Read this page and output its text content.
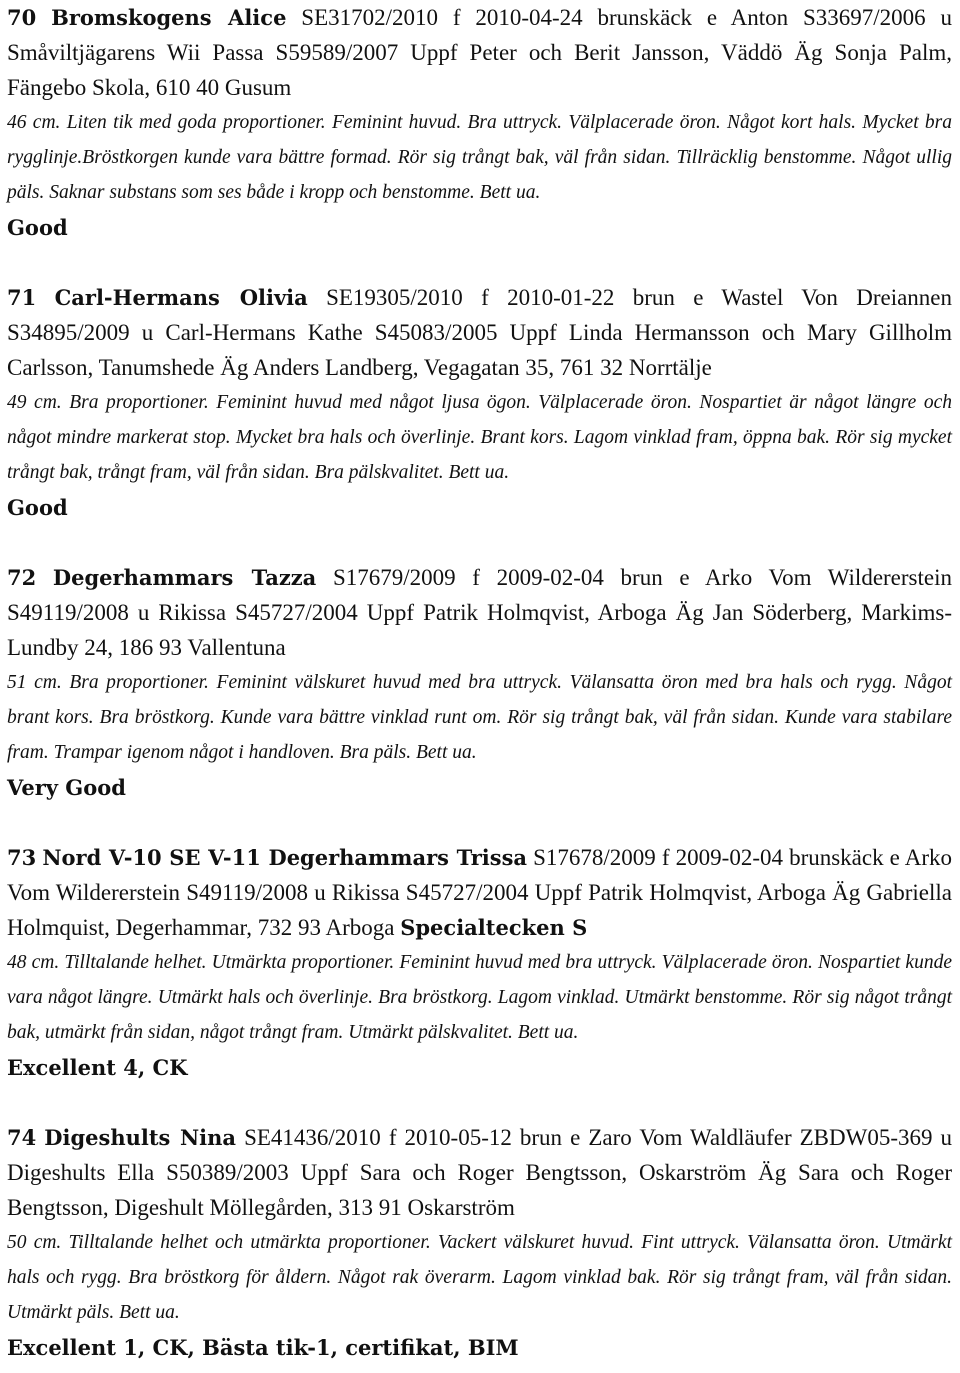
70 Bromskogens Alice SE31702/2010 f 2010-04-24 brunskäck e Anton S33697/2006 u Småviltjägarens Wii Passa S59589/2007 Uppf Peter och Berit Jansson, Väddö Äg Sonja Palm, Fängebo Skola, 610 40 Gusum

46 cm. Liten tik med goda proportioner. Feminint huvud. Bra uttryck. Välplacerade öron. Något kort hals. Mycket bra rygglinje.Bröstkorgen kunde vara bättre formad. Rör sig trångt bak, väl från sidan. Tillräcklig benstomme. Något ullig päls. Saknar substans som ses både i kropp och benstomme. Bett ua.

Good

71 Carl-Hermans Olivia SE19305/2010 f 2010-01-22 brun e Wastel Von Dreiannen S34895/2009 u Carl-Hermans Kathe S45083/2005 Uppf Linda Hermansson och Mary Gillholm Carlsson, Tanumshede Äg Anders Landberg, Vegagatan 35, 761 32 Norrtälje

49 cm. Bra proportioner. Feminint huvud med något ljusa ögon. Välplacerade öron. Nospartiet är något längre och något mindre markerat stop. Mycket bra hals och överlinje. Brant kors. Lagom vinklad fram, öppna bak. Rör sig mycket trångt bak, trångt fram, väl från sidan. Bra pälskvalitet. Bett ua.

Good

72 Degerhammars Tazza S17679/2009 f 2009-02-04 brun e Arko Vom Wildererstein S49119/2008 u Rikissa S45727/2004 Uppf Patrik Holmqvist, Arboga Äg Jan Söderberg, Markims-Lundby 24, 186 93 Vallentuna

51 cm. Bra proportioner. Feminint välskuret huvud med bra uttryck. Välansatta öron med bra hals och rygg. Något brant kors. Bra bröstkorg. Kunde vara bättre vinklad runt om. Rör sig trångt bak, väl från sidan. Kunde vara stabilare fram. Trampar igenom något i handloven. Bra päls. Bett ua.

Very Good

73 Nord V-10 SE V-11 Degerhammars Trissa S17678/2009 f 2009-02-04 brunskäck e Arko Vom Wildererstein S49119/2008 u Rikissa S45727/2004 Uppf Patrik Holmqvist, Arboga Äg Gabriella Holmquist, Degerhammar, 732 93 Arboga Specialtecken S

48 cm. Tilltalande helhet. Utmärkta proportioner. Feminint huvud med bra uttryck. Välplacerade öron. Nospartiet kunde vara något längre. Utmärkt hals och överlinje. Bra bröstkorg. Lagom vinklad. Utmärkt benstomme. Rör sig något trångt bak, utmärkt från sidan, något trångt fram. Utmärkt pälskvalitet. Bett ua.

Excellent 4, CK

74 Digeshults Nina SE41436/2010 f 2010-05-12 brun e Zaro Vom Waldläufer ZBDW05-369 u Digeshults Ella S50389/2003 Uppf Sara och Roger Bengtsson, Oskarström Äg Sara och Roger Bengtsson, Digeshult Möllegården, 313 91 Oskarström

50 cm. Tilltalande helhet och utmärkta proportioner. Vackert välskuret huvud. Fint uttryck. Välansatta öron. Utmärkt hals och rygg. Bra bröstkorg för åldern. Något rak överarm. Lagom vinklad bak. Rör sig trångt fram, väl från sidan. Utmärkt päls. Bett ua.

Excellent 1, CK, Bästa tik-1, certifikat, BIM
